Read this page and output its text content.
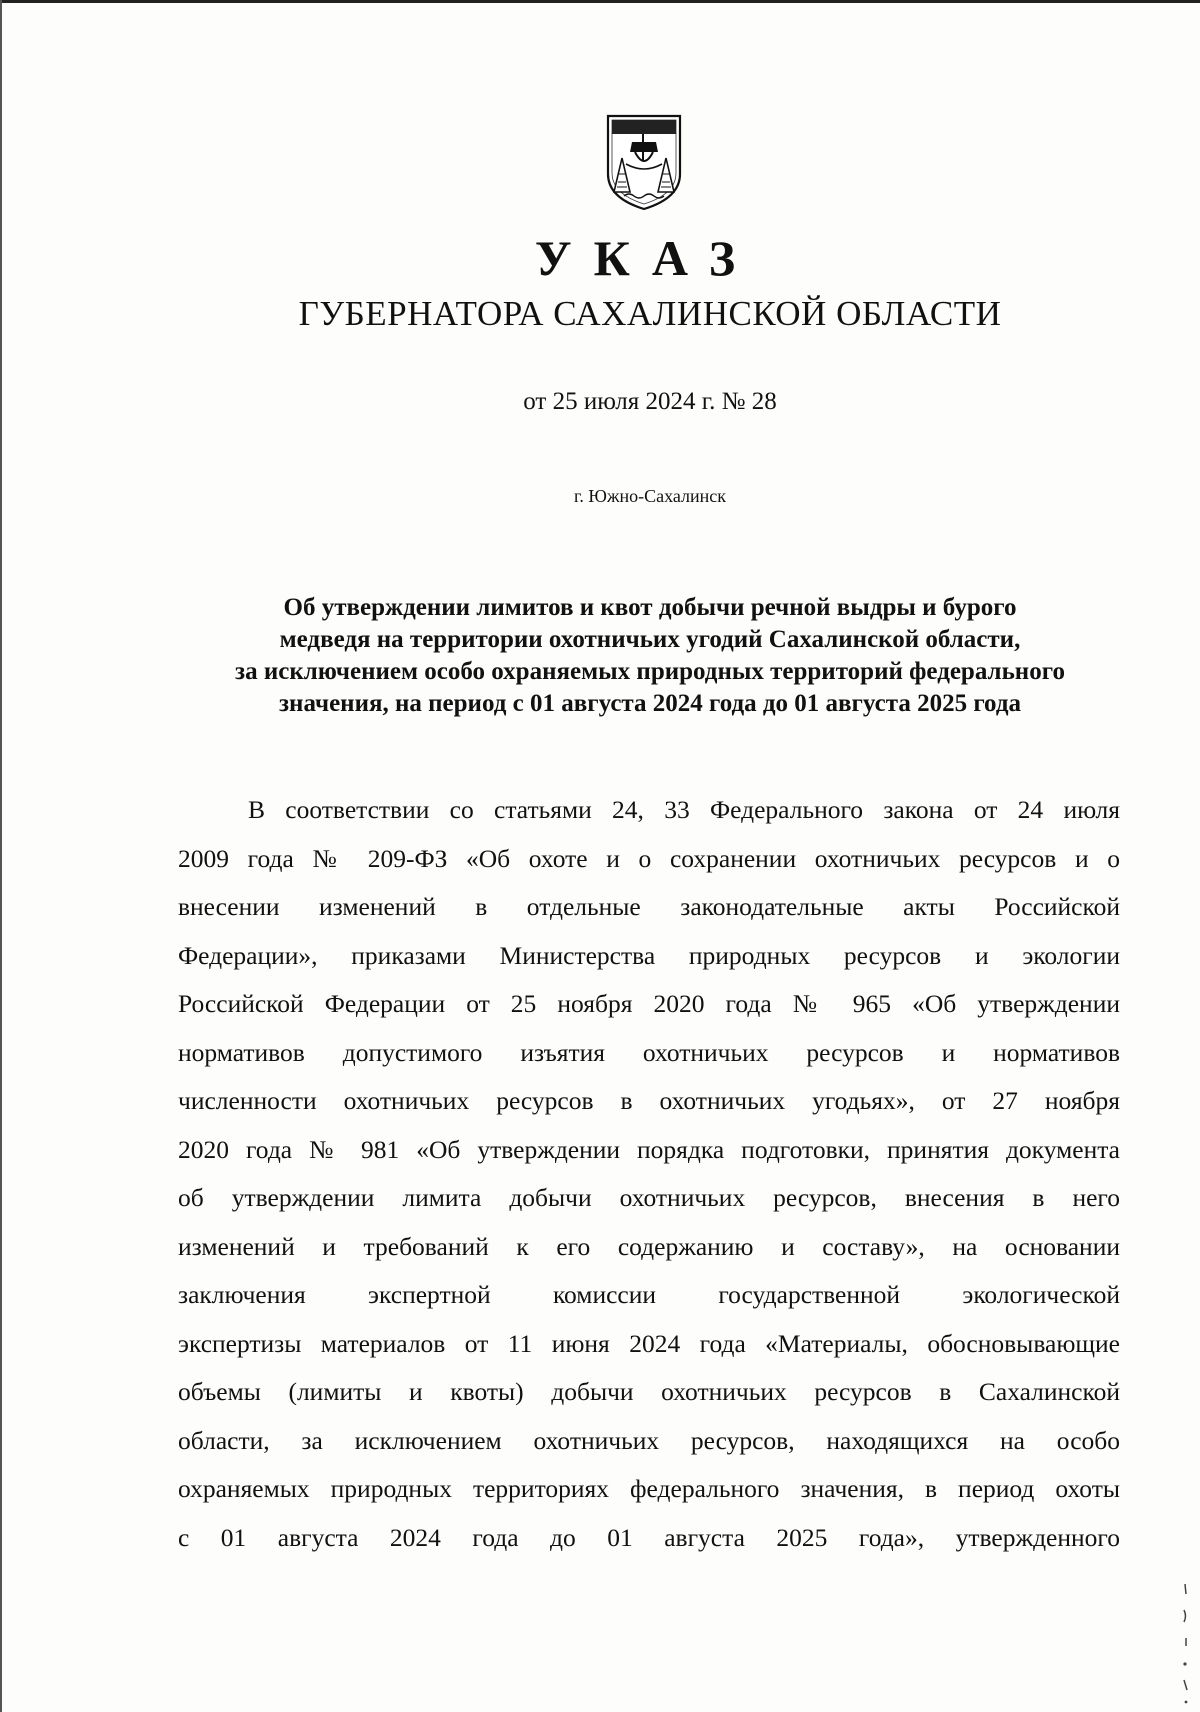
УКАЗ
ГУБЕРНАТОРА САХАЛИНСКОЙ ОБЛАСТИ
от 25 июля 2024 г. № 28
г. Южно-Сахалинск
Об утверждении лимитов и квот добычи речной выдры и бурого
медведя на территории охотничьих угодий Сахалинской области,
за исключением особо охраняемых природных территорий федерального
значения, на период с 01 августа 2024 года до 01 августа 2025 года
В соответствии со статьями 24, 33 Федерального закона от 24 июля
2009 года № 209-ФЗ «Об охоте и о сохранении охотничьих ресурсов и о
внесении изменений в отдельные законодательные акты Российской
Федерации», приказами Министерства природных ресурсов и экологии
Российской Федерации от 25 ноября 2020 года № 965 «Об утверждении
нормативов допустимого изъятия охотничьих ресурсов и нормативов
численности охотничьих ресурсов в охотничьих угодьях», от 27 ноября
2020 года № 981 «Об утверждении порядка подготовки, принятия документа
об утверждении лимита добычи охотничьих ресурсов, внесения в него
изменений и требований к его содержанию и составу», на основании
заключения экспертной комиссии государственной экологической
экспертизы материалов от 11 июня 2024 года «Материалы, обосновывающие
объемы (лимиты и квоты) добычи охотничьих ресурсов в Сахалинской
области, за исключением охотничьих ресурсов, находящихся на особо
охраняемых природных территориях федерального значения, в период охоты
с 01 августа 2024 года до 01 августа 2025 года», утвержденного
